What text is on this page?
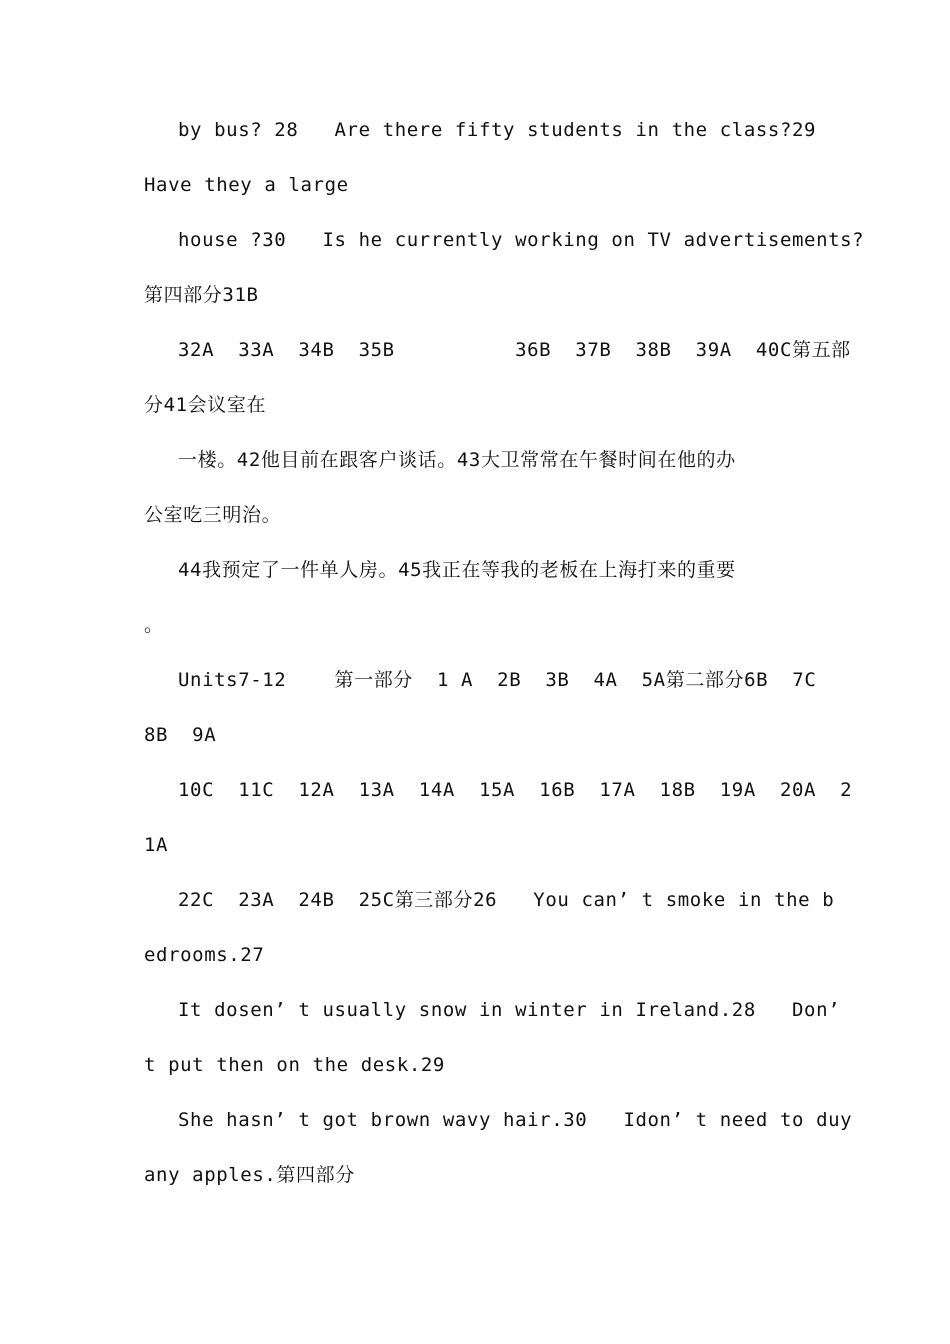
by bus? 28   Are there fifty students in the class?29
Have they a large
house ?30   Is he currently working on TV advertisements?
第四部分31B
32A  33A  34B  35B          36B  37B  38B  39A  40C第五部
分41会议室在
一楼。42他目前在跟客户谈话。43大卫常常在午餐时间在他的办
公室吃三明治。
44我预定了一件单人房。45我正在等我的老板在上海打来的重要
。
Units7-12    第一部分  1 A  2B  3B  4A  5A第二部分6B  7C
8B  9A
10C  11C  12A  13A  14A  15A  16B  17A  18B  19A  20A  2
1A
22C  23A  24B  25C第三部分26   You can’ t smoke in the b
edrooms.27
It dosen’ t usually snow in winter in Ireland.28   Don’
t put then on the desk.29
She hasn’ t got brown wavy hair.30   Idon’ t need to duy
any apples.第四部分
